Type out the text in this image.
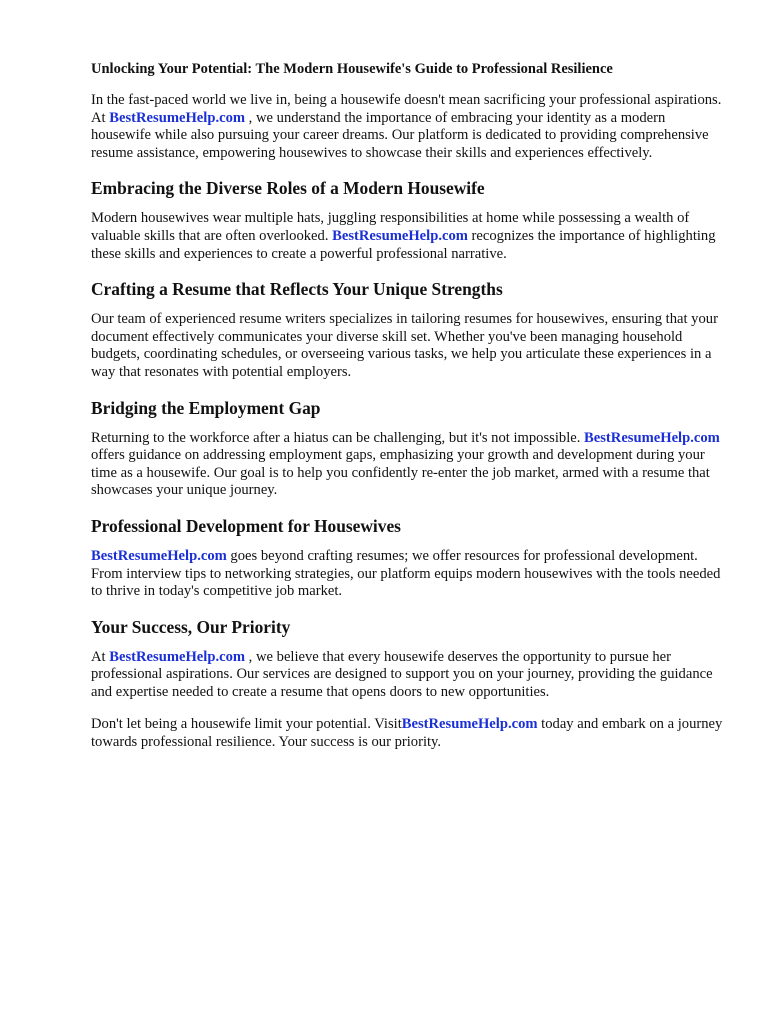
Unlocking Your Potential: The Modern Housewife's Guide to Professional Resilience

In the fast-paced world we live in, being a housewife doesn't mean sacrificing your professional aspirations. At BestResumeHelp.com , we understand the importance of embracing your identity as a modern housewife while also pursuing your career dreams. Our platform is dedicated to providing comprehensive resume assistance, empowering housewives to showcase their skills and experiences effectively.

Embracing the Diverse Roles of a Modern Housewife

Modern housewives wear multiple hats, juggling responsibilities at home while possessing a wealth of valuable skills that are often overlooked. BestResumeHelp.com recognizes the importance of highlighting these skills and experiences to create a powerful professional narrative.

Crafting a Resume that Reflects Your Unique Strengths

Our team of experienced resume writers specializes in tailoring resumes for housewives, ensuring that your document effectively communicates your diverse skill set. Whether you've been managing household budgets, coordinating schedules, or overseeing various tasks, we help you articulate these experiences in a way that resonates with potential employers.

Bridging the Employment Gap

Returning to the workforce after a hiatus can be challenging, but it's not impossible. BestResumeHelp.com offers guidance on addressing employment gaps, emphasizing your growth and development during your time as a housewife. Our goal is to help you confidently re-enter the job market, armed with a resume that showcases your unique journey.

Professional Development for Housewives

BestResumeHelp.com goes beyond crafting resumes; we offer resources for professional development. From interview tips to networking strategies, our platform equips modern housewives with the tools needed to thrive in today's competitive job market.

Your Success, Our Priority

At BestResumeHelp.com , we believe that every housewife deserves the opportunity to pursue her professional aspirations. Our services are designed to support you on your journey, providing the guidance and expertise needed to create a resume that opens doors to new opportunities.

Don't let being a housewife limit your potential. VisitBestResumeHelp.com today and embark on a journey towards professional resilience. Your success is our priority.
